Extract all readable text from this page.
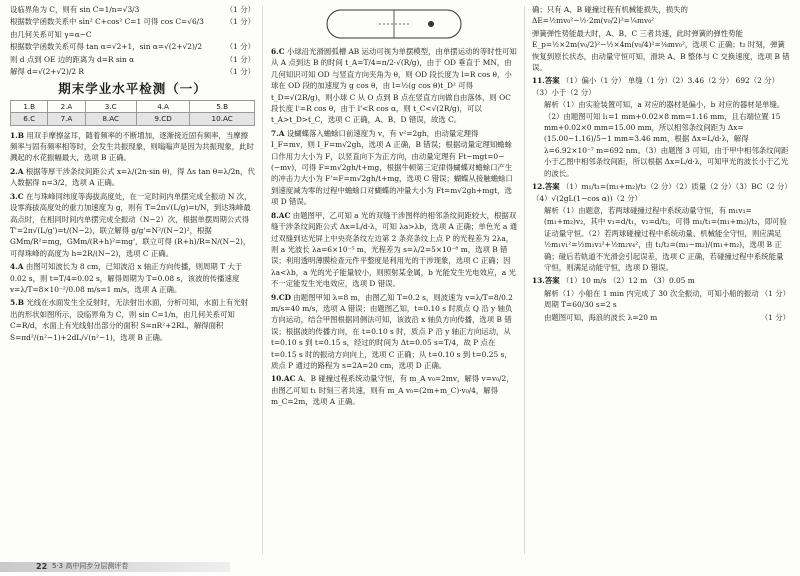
设临界角为 C，则有 sin C=1/n=√3/3	（1 分）

根据数学函数关系中 sin² C+cos² C=1 可得 cos C=√6/3	（1 分）

由几何关系可知 γ=α−C

根据数学函数关系可得 tan α=√2+1，sin α=√(2+√2)/2	（1 分）

则 d 点到 OE 边的距离为 d=R sin α	（1 分）

解得 d=√(2+√2)/2 R	（1 分）

期末学业水平检测（一）
1.B	2.A	3.C	4.A	5.B
6.C	7.A	8.AC	9.CD	10.AC

1.B 用双手摩擦盆耳，随着频率的不断增加，逐渐接近固有频率，当摩擦频率与固有频率相等时，会发生共振现象，则嗡嗡声是因为共振现象，此时溅起的水花振幅最大，选项 B 正确。

2.A 根据等厚干涉条纹间距公式 x=λ/(2n·sin θ)，得 Δs tan θ=λ/2n，代入数据得 n=3/2，选项 A 正确。

3.C 在与珠峰同纬度等海拔高度处，在一定时间内单摆完成全振动 N 次，设零海拔高度处的重力加速度为 g，则有 T=2π√(L/g)=t/N，到达珠峰最高点时，在相同时间内单摆完成全振动（N−2）次，根据单摆周期公式得 T'=2π√(L/g')=t/(N−2)，联立解得 g/g'=N²/(N−2)²，根据 GMm/R²=mg，GMm/(R+h)²=mg'，联立可得 (R+h)/R=N/(N−2)，可得珠峰的高度为 h=2R/(N−2)，选项 C 正确。

4.A 由图可知波长为 8 cm，已知波沿 x 轴正方向传播，则周期 T 大于 0.02 s，则 t=T/4=0.02 s，解得周期为 T=0.08 s，该波的传播速度 v=λ/T=8×10⁻²/0.08 m/s=1 m/s，选项 A 正确。

5.B 光线在水面发生全反射时，无法射出水面，分析可知，水面上有光射出的形状如图所示，设临界角为 C，则 sin C=1/n，由几何关系可知 C=R/d，水面上有光线射出部分的面积 S=πR²+2RL，解得面积 S=πd²/(n²−1)+2dL/√(n²−1)，选项 B 正确。

6.C 小球沿光滑圆弧槽 AB 运动可视为单摆模型，由单摆运动的等时性可知从 A 点到达 B 的时间 t_A=T/4=π/2·√(R/g)，由于 OD 垂直于 MN，由几何知识可知 OD 与竖直方向夹角为 θ，则 OD 段长度为 l=R cos θ，小球在 OD 段的加速度为 g cos θ，由 l=½(g cos θ)t_D² 可得 t_D=√(2R/g)，则小球 C 从 O 点到 B 点在竖直方向做自由落体，则 OC 段长度 l'=R cos θ，由于 l'<R cos α，则 t_C<√(2R/g)，可以 t_A>t_D>t_C，选项 C 正确，A、B、D 错误，故选 C。

7.A 设蝴蝶落入蟾蜍口前速度为 v，有 v²=2gh，由动量定理得 I_F=mv，则 I_F=m√2gh，选项 A 正确，B 错误；根据动量定理知蟾蜍口作用力大小为 F，以竖直向下为正方向，由动量定理有 Ft−mgt=0−(−mv)，可得 F=m√2gh/t+mg，根据牛顿第三定律得蝴蝶对蟾蜍口产生的冲击力大小为 F'=F=m√2gh/t+mg，选项 C 错误；蝴蝶从接触蟾蜍口到速度减为零的过程中蟾蜍口对蝴蝶的冲量大小为 Ft=m√2gh+mgt，选项 D 错误。

8.AC 由题图甲，乙可知 a 光的双缝干涉图样的相邻条纹间距较大，根据双缝干涉条纹间距公式 Δx=L/d·λ，可知 λa>λb，选项 A 正确；单色光 a 通过双缝到达光屏上中央亮条纹左边第 2 条亮条纹上点 P 的光程差为 2λa，则 a 光波长 λa=6×10⁻⁵ m，光程差为 s=λ/2=5×10⁻⁸ m，选项 B 错误；利用透明薄膜检查元件平整度是利用光的干涉现象，选项 C 正确；因 λa<λb，a 光的光子能量较小，则照射某金属，b 光能发生光电效应，a 光不一定能发生光电效应，选项 D 错误。

9.CD 由题图甲知 λ=8 m，由图乙知 T=0.2 s，则波速为 v=λ/T=8/0.2 m/s=40 m/s，选项 A 错误；由题图乙知，t=0.10 s 时质点 Q 沿 y 轴负方向运动，结合甲图根据同侧法可知，该波沿 x 轴负方向传播，选项 B 错误；根据波的传播方向，在 t=0.10 s 时，质点 P 沿 y 轴正方向运动，从 t=0.10 s 到 t=0.15 s，经过的时间为 Δt=0.05 s=T/4，故 P 点在 t=0.15 s 时的振动方向向上，选项 C 正确；从 t=0.10 s 到 t=0.25 s，质点 P 通过的路程为 s=2A=20 cm，选项 D 正确。

10.AC A、B 碰撞过程系统动量守恒，有 m_A v₀=2mv，解得 v=v₀/2，由图乙可知 t₁ 时刻三者共速，则有 m_A v₀=(2m+m_C)·v₀/4，解得 m_C=2m，选项 A 正确。

确；只有 A、B 碰撞过程有机械能损失，损失的 ΔE=½mv₀²−½·2m(v₀/2)²=¼mv₀²

弹簧弹性势能最大时，A、B、C 三者共速，此时弹簧的弹性势能 E_p=½×2m(v₀/2)²−½×4m(v₀/4)²=⅛mv₀²，选项 C 正确；t₂ 时刻，弹簧恢复到原长状态，由动量守恒可知，滑块 A、B 整体与 C 交换速度，选项 B 错误。

11.答案 （1）偏小（1 分） 单缝（1 分）（2）3.46（2 分） 692（2 分）（3）小于（2 分）

解析（1）由实验装置可知，a 对应的器材是偏小，b 对应的器材是单缝。（2）由题图可知 l₁=1 mm+0.02×8 mm=1.16 mm，且右端位置 15 mm+0.02×0 mm=15.00 mm，所以相邻条纹间距为 Δx=(15.00−1.16)/5−1 mm=3.46 mm，根据 Δx=L/d·λ，解得 λ=6.92×10⁻⁷ m=692 nm。（3）由题图 3 可知，由于甲中相邻条纹间距小于乙图中相邻条纹间距，所以根据 Δx=L/d·λ，可知甲光的波长小于乙光的波长。

12.答案 （1）m₁/t₁=(m₁+m₂)/t₂（2 分）（2）质量（2 分）（3）BC（2 分）（4）√(2gL(1−cos α))（2 分）

解析（1）由题意，若两球碰撞过程中系统动量守恒，有 m₁v₁=(m₁+m₂)v₂，其中 v₁=d/t₁，v₂=d/t₂，可得 m₁/t₁=(m₁+m₂)/t₂，即可验证动量守恒。（2）若两球碰撞过程中系统动量、机械能全守恒，则应满足 ½m₁v₁²=½m₁v₃²+½m₂v₄²，由 t₁/t₂=(m₁−m₂)/(m₁+m₂)，选项 B 正确；碰后若轨道不光滑会引起误差，选项 C 正确，若碰撞过程中系统能量守恒，则满足动能守恒，选项 D 错误。

13.答案 （1）10 m/s （2）12 m （3）0.05 m

解析（1）小船在 1 min 内完成了 30 次全振动，可知小船的振动周期 T=60/30 s=2 s
（1 分）

由题图可知，海浪的波长 λ=20 m	（1 分）

22 5·3 高中同步分层测评卷
